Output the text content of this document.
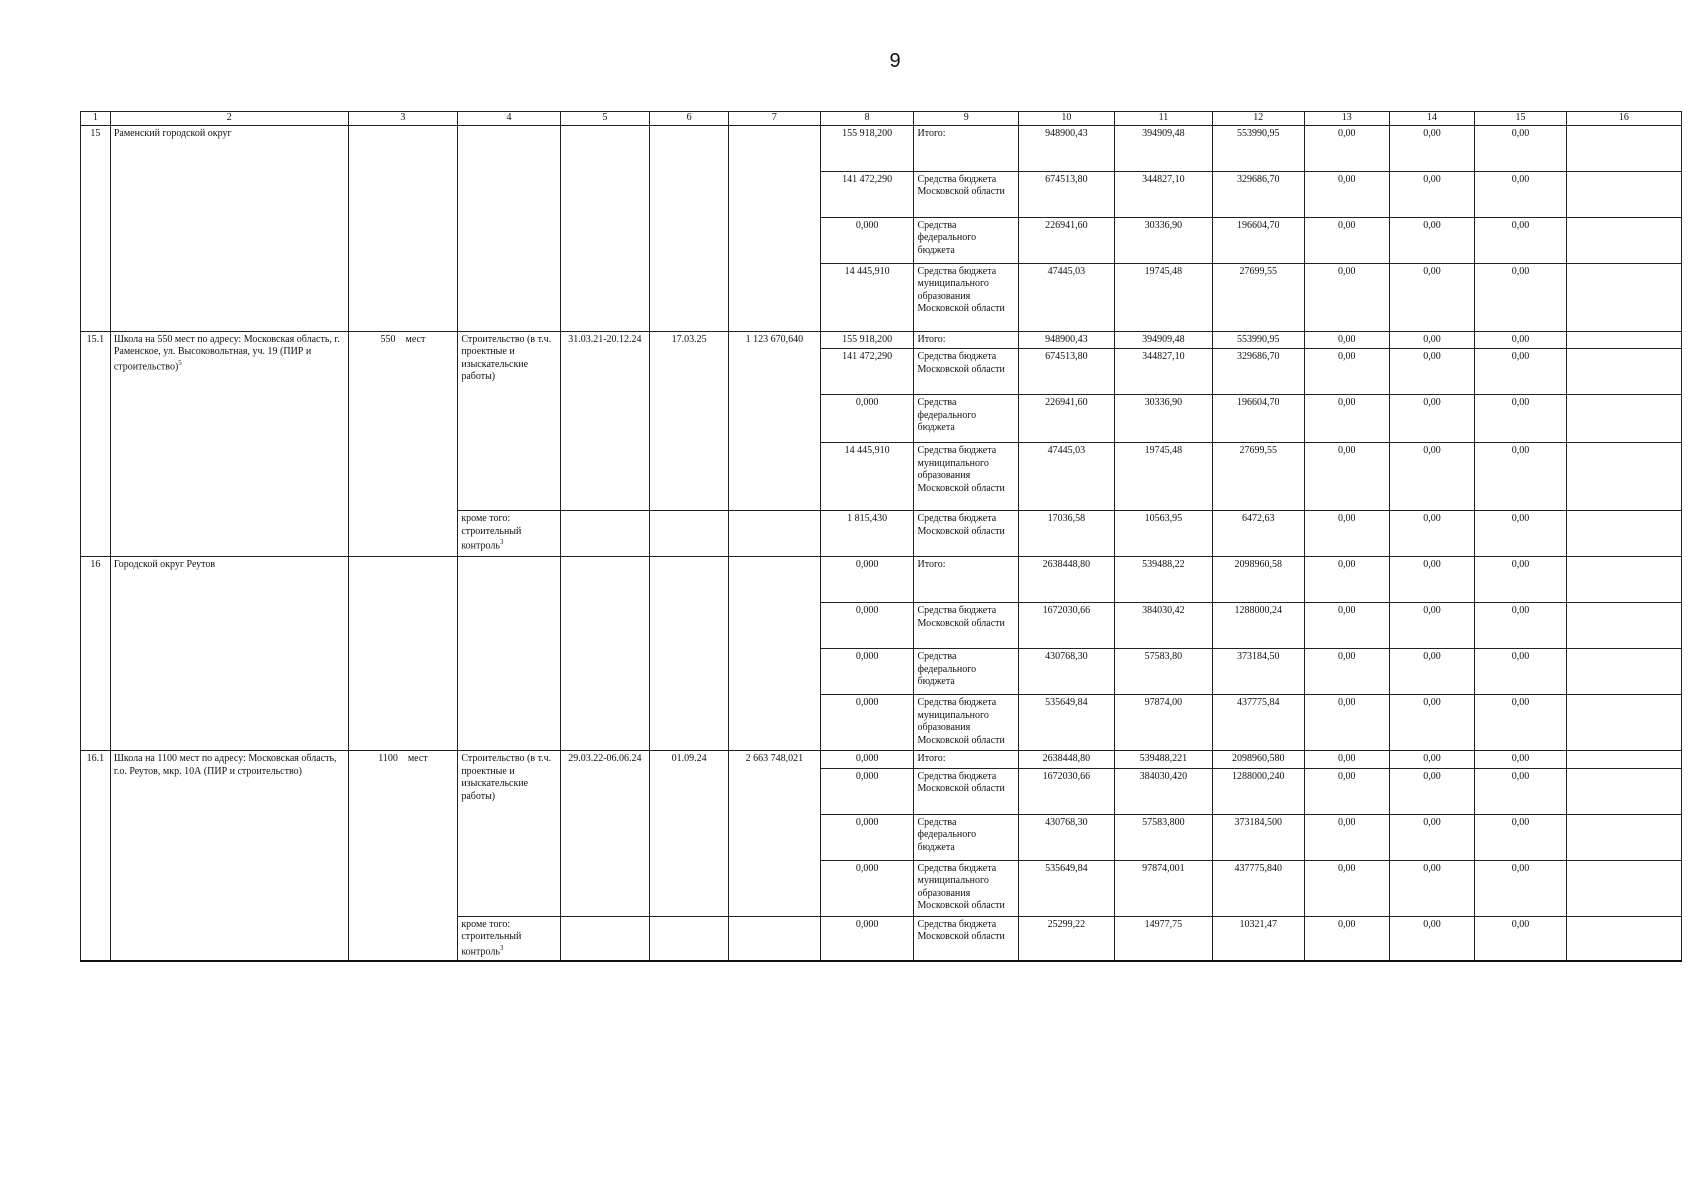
9
1	2	3	4	5	6	7	8	9	10	11	12	13	14	15	16
15	Раменский городской округ						155 918,200	Итого:	948900,43	394909,48	553990,95	0,00	0,00	0,00	
							141 472,290	Средства бюджета Московской области	674513,80	344827,10	329686,70	0,00	0,00	0,00	
							0,000	Средства федерального бюджета	226941,60	30336,90	196604,70	0,00	0,00	0,00	
							14 445,910	Средства бюджета муниципального образования Московской области	47445,03	19745,48	27699,55	0,00	0,00	0,00	
15.1	Школа на 550 мест по адресу: Московская область, г. Раменское, ул. Высоковольтная, уч. 19 (ПИР и строительство)$^5$	550 мест	Строительство (в т.ч. проектные и изыскательские работы)	31.03.21-20.12.24	17.03.25	1 123 670,640	155 918,200	Итого:	948900,43	394909,48	553990,95	0,00	0,00	0,00	
							141 472,290	Средства бюджета Московской области	674513,80	344827,10	329686,70	0,00	0,00	0,00	
							0,000	Средства федерального бюджета	226941,60	30336,90	196604,70	0,00	0,00	0,00	
							14 445,910	Средства бюджета муниципального образования Московской области	47445,03	19745,48	27699,55	0,00	0,00	0,00	
			кроме того: строительный контроль$^3$				1 815,430	Средства бюджета Московской области	17036,58	10563,95	6472,63	0,00	0,00	0,00	
16	Городской округ Реутов						0,000	Итого:	2638448,80	539488,22	2098960,58	0,00	0,00	0,00	
							0,000	Средства бюджета Московской области	1672030,66	384030,42	1288000,24	0,00	0,00	0,00	
							0,000	Средства федерального бюджета	430768,30	57583,80	373184,50	0,00	0,00	0,00	
							0,000	Средства бюджета муниципального образования Московской области	535649,84	97874,00	437775,84	0,00	0,00	0,00	
16.1	Школа на 1100 мест по адресу: Московская область, г.о. Реутов, мкр. 10А (ПИР и строительство)	1100 мест	Строительство (в т.ч. проектные и изыскательские работы)	29.03.22-06.06.24	01.09.24	2 663 748,021	0,000	Итого:	2638448,80	539488,221	2098960,580	0,00	0,00	0,00	
							0,000	Средства бюджета Московской области	1672030,66	384030,420	1288000,240	0,00	0,00	0,00	
							0,000	Средства федерального бюджета	430768,30	57583,800	373184,500	0,00	0,00	0,00	
							0,000	Средства бюджета муниципального образования Московской области	535649,84	97874,001	437775,840	0,00	0,00	0,00	
			кроме того: строительный контроль$^3$				0,000	Средства бюджета Московской области	25299,22	14977,75	10321,47	0,00	0,00	0,00	
